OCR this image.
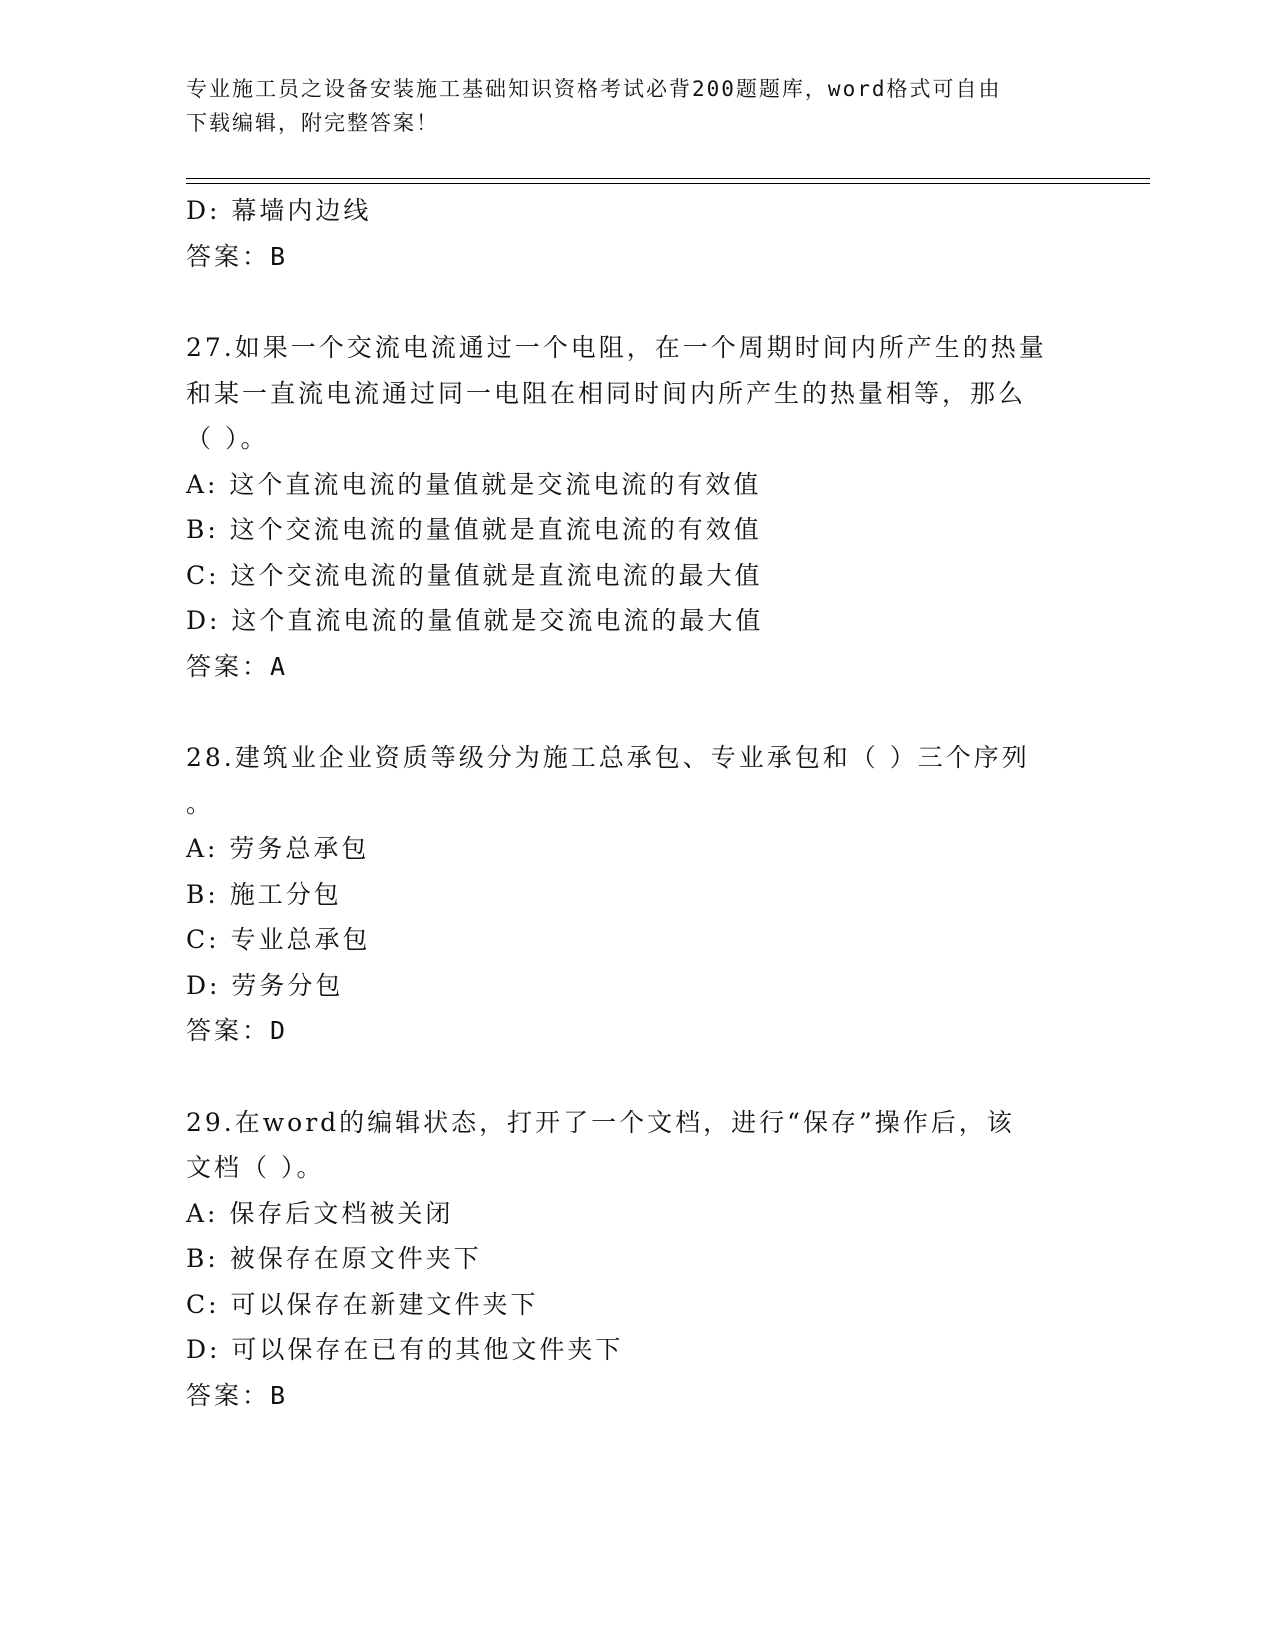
专业施工员之设备安装施工基础知识资格考试必背200题题库，word格式可自由
下载编辑，附完整答案！
D: 幕墙内边线
答案：B
27.如果一个交流电流通过一个电阻，在一个周期时间内所产生的热量
和某一直流电流通过同一电阻在相同时间内所产生的热量相等，那么
（ ）。
A: 这个直流电流的量值就是交流电流的有效值
B: 这个交流电流的量值就是直流电流的有效值
C: 这个交流电流的量值就是直流电流的最大值
D: 这个直流电流的量值就是交流电流的最大值
答案：A
28.建筑业企业资质等级分为施工总承包、专业承包和（ ）三个序列
。
A: 劳务总承包
B: 施工分包
C: 专业总承包
D: 劳务分包
答案：D
29.在word的编辑状态，打开了一个文档，进行“保存”操作后，该
文档（ ）。
A: 保存后文档被关闭
B: 被保存在原文件夹下
C: 可以保存在新建文件夹下
D: 可以保存在已有的其他文件夹下
答案：B
